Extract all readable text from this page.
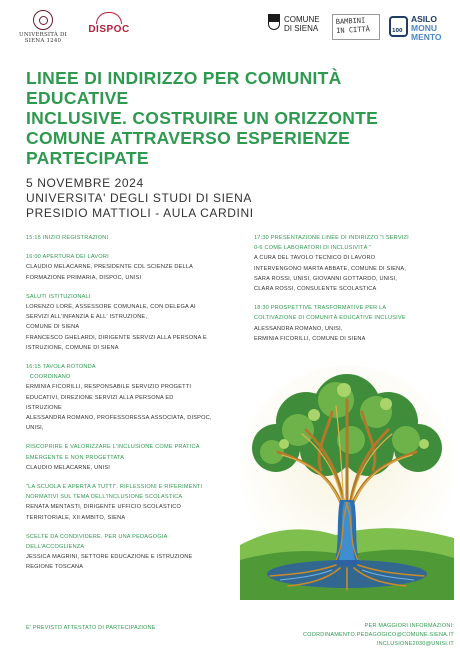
UNIVERSITÀ DI SIENA 1240
DISPOC
COMUNE
DI SIENA
BAMBINI
IN CITTÀ
100
ASILO
MONU
MENTO
LINEE DI INDIRIZZO PER COMUNITÀ EDUCATIVE
INCLUSIVE. COSTRUIRE UN ORIZZONTE
COMUNE ATTRAVERSO ESPERIENZE
PARTECIPATE
5 NOVEMBRE 2024
UNIVERSITA' DEGLI STUDI DI SIENA
PRESIDIO MATTIOLI - AULA CARDINI
15:15 INIZIO REGISTRAZIONI
16:00 APERTURA DEI LAVORI
CLAUDIO MELACARNE, PRESIDENTE CDL SCIENZE DELLA
FORMAZIONE PRIMARIA, DISPOC, UNISI
SALUTI ISTITUZIONALI
LORENZO LORÈ, ASSESSORE COMUNALE, CON DELEGA AI
SERVIZI ALL'INFANZIA E ALL' ISTRUZIONE,
COMUNE DI SIENA
FRANCESCO GHELARDI, DIRIGENTE SERVIZI ALLA PERSONA E
ISTRUZIONE, COMUNE DI SIENA
16:15 TAVOLA ROTONDA
COORDINANO
ERMINIA FICORILLI, RESPONSABILE SERVIZIO PROGETTI
EDUCATIVI, DIREZIONE SERVIZI ALLA PERSONA ED
ISTRUZIONE
ALESSANDRA ROMANO, PROFESSORESSA ASSOCIATA, DISPOC,
UNISI,
RISCOPRIRE E VALORIZZARE L'INCLUSIONE COME PRATICA
EMERGENTE E NON PROGETTATA
CLAUDIO MELACARNE, UNISI
"LA SCUOLA E APERTA A TUTTI". RIFLESSIONI E RIFERIMENTI
NORMATIVI SUL TEMA DELL'INCLUSIONE SCOLASTICA
RENATA MENTASTI, DIRIGENTE UFFICIO SCOLASTICO
TERRITORIALE, XII AMBITO, SIENA
SCELTE DA CONDIVIDERE. PER UNA PEDAGOGIA
DELL'ACCOGLIENZA
JESSICA MAGRINI, SETTORE EDUCAZIONE E ISTRUZIONE
REGIONE TOSCANA
17:30 PRESENTAZIONE LINEE DI INDIRIZZO "I SERVIZI
0-6 COME LABORATORI DI INCLUSIVITÀ "
A CURA DEL TAVOLO TECNICO DI LAVORO
INTERVENGONO MARTA ABBATE, COMUNE DI SIENA,
SARA ROSSI, UNISI, GIOVANNI GOTTARDO, UNISI,
CLARA ROSSI, CONSULENTE SCOLASTICA
18:30 PROSPETTIVE TRASFORMATIVE PER LA
COLTIVAZIONE DI COMUNITÀ EDUCATIVE INCLUSIVE
ALESSANDRA ROMANO, UNISI,
ERMINIA FICORILLI, COMUNE DI SIENA
E' PREVISTO ATTESTATO DI PARTECIPAZIONE	PER MAGGIORI INFORMAZIONI:
COORDINAMENTO.PEDAGOGICO@COMUNE.SIENA.IT
INCLUSIONE2030@UNISI.IT
